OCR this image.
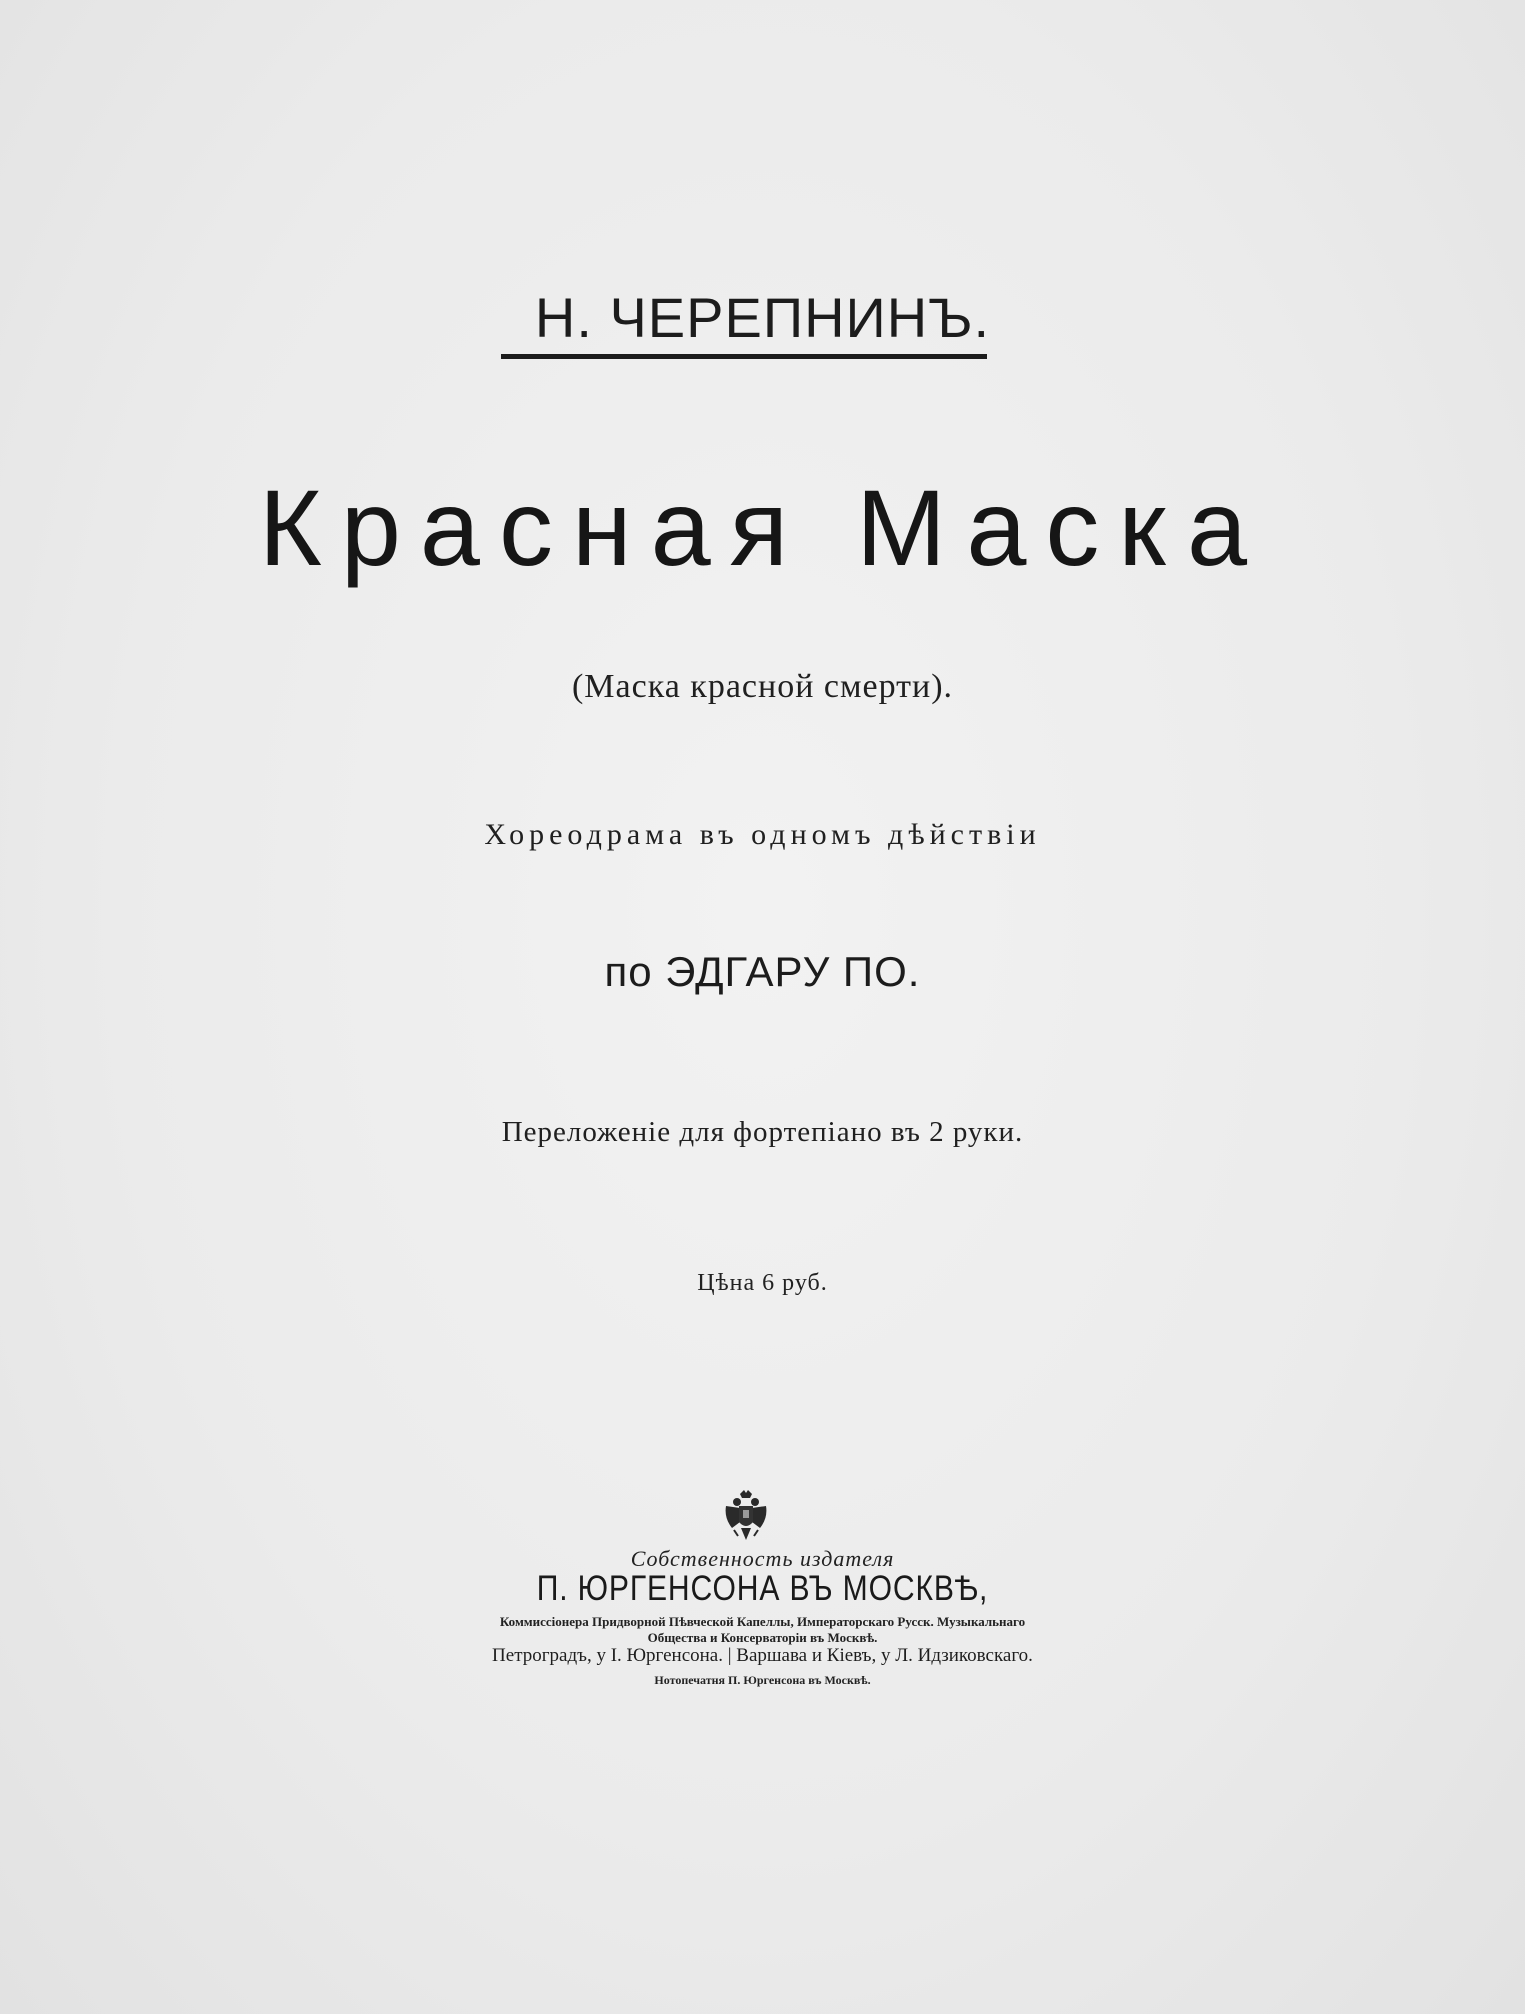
Н. ЧЕРЕПНИНЪ.
Красная Маска
(Маска красной смерти).
Хореодрама въ одномъ дѣйствiи
по ЭДГАРУ ПО.
Переложенiе для фортепiано въ 2 руки.
Цѣна 6 руб.
Собственность издателя
П. ЮРГЕНСОНА ВЪ МОСКВѢ,
Коммиссiонера Придворной Пѣвческой Капеллы, Императорскаго Русск. Музыкальнаго
Общества и Консерваторiи въ Москвѣ.
Петроградъ, у I. Юргенсона. | Варшава и Кiевъ, у Л. Идзиковскаго.
Нотопечатня П. Юргенсона въ Москвѣ.
